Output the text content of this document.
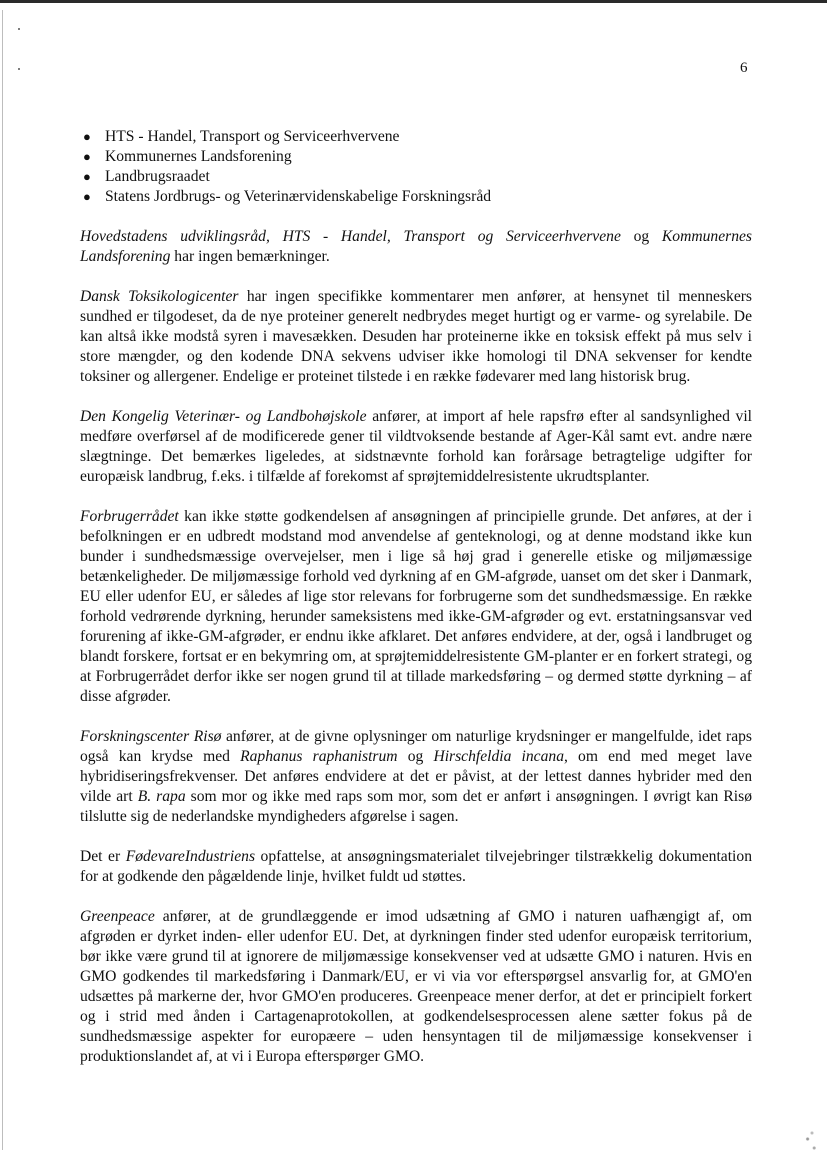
6
● HTS - Handel, Transport og Serviceerhvervene
● Kommunernes Landsforening
● Landbrugsraadet
● Statens Jordbrugs- og Veterinærvidenskabelige Forskningsråd

Hovedstadens udviklingsråd, HTS - Handel, Transport og Serviceerhvervene og Kommunernes Landsforening har ingen bemærkninger.

Dansk Toksikologicenter har ingen specifikke kommentarer men anfører, at hensynet til menneskers sundhed er tilgodeset, da de nye proteiner generelt nedbrydes meget hurtigt og er varme- og syrelabile. De kan altså ikke modstå syren i mavesækken. Desuden har proteinerne ikke en toksisk effekt på mus selv i store mængder, og den kodende DNA sekvens udviser ikke homologi til DNA sekvenser for kendte toksiner og allergener. Endelige er proteinet tilstede i en række fødevarer med lang historisk brug.

Den Kongelig Veterinær- og Landbohøjskole anfører, at import af hele rapsfrø efter al sandsynlighed vil medføre overførsel af de modificerede gener til vildtvoksende bestande af Ager-Kål samt evt. andre nære slægtninge. Det bemærkes ligeledes, at sidstnævnte forhold kan forårsage betragtelige udgifter for europæisk landbrug, f.eks. i tilfælde af forekomst af sprøjtemiddelresistente ukrudtsplanter.

Forbrugerrådet kan ikke støtte godkendelsen af ansøgningen af principielle grunde. Det anføres, at der i befolkningen er en udbredt modstand mod anvendelse af genteknologi, og at denne modstand ikke kun bunder i sundhedsmæssige overvejelser, men i lige så høj grad i generelle etiske og miljømæssige betænkeligheder. De miljømæssige forhold ved dyrkning af en GM-afgrøde, uanset om det sker i Danmark, EU eller udenfor EU, er således af lige stor relevans for forbrugerne som det sundhedsmæssige. En række forhold vedrørende dyrkning, herunder sameksistens med ikke-GM-afgrøder og evt. erstatningsansvar ved forurening af ikke-GM-afgrøder, er endnu ikke afklaret. Det anføres endvidere, at der, også i landbruget og blandt forskere, fortsat er en bekymring om, at sprøjtemiddelresistente GM-planter er en forkert strategi, og at Forbrugerrådet derfor ikke ser nogen grund til at tillade markedsføring – og dermed støtte dyrkning – af disse afgrøder.

Forskningscenter Risø anfører, at de givne oplysninger om naturlige krydsninger er mangelfulde, idet raps også kan krydse med Raphanus raphanistrum og Hirschfeldia incana, om end med meget lave hybridiseringsfrekvenser. Det anføres endvidere at det er påvist, at der lettest dannes hybrider med den vilde art B. rapa som mor og ikke med raps som mor, som det er anført i ansøgningen. I øvrigt kan Risø tilslutte sig de nederlandske myndigheders afgørelse i sagen.

Det er FødevareIndustriens opfattelse, at ansøgningsmaterialet tilvejebringer tilstrækkelig dokumentation for at godkende den pågældende linje, hvilket fuldt ud støttes.

Greenpeace anfører, at de grundlæggende er imod udsætning af GMO i naturen uafhængigt af, om afgrøden er dyrket inden- eller udenfor EU. Det, at dyrkningen finder sted udenfor europæisk territorium, bør ikke være grund til at ignorere de miljømæssige konsekvenser ved at udsætte GMO i naturen. Hvis en GMO godkendes til markedsføring i Danmark/EU, er vi via vor efterspørgsel ansvarlig for, at GMO'en udsættes på markerne der, hvor GMO'en produceres. Greenpeace mener derfor, at det er principielt forkert og i strid med ånden i Cartagenaprotokollen, at godkendelsesprocessen alene sætter fokus på de sundhedsmæssige aspekter for europæere – uden hensyntagen til de miljømæssige konsekvenser i produktionslandet af, at vi i Europa efterspørger GMO.
